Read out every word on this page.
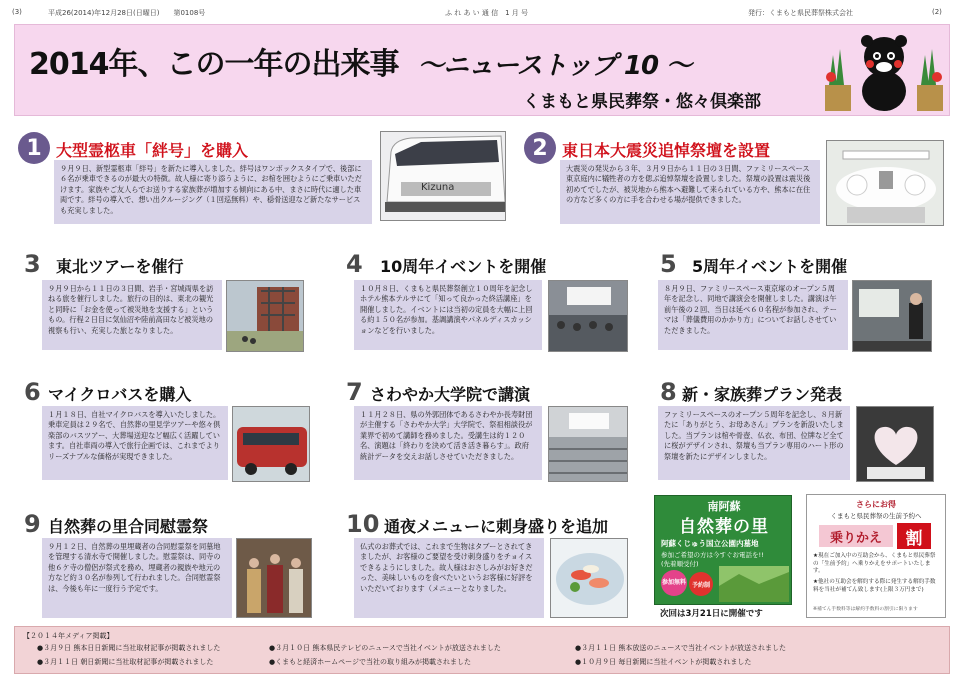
(3)	平成26(2014)年12月28日(日曜日)　　第0108号	ふ れ あ い 通 信　1 月 号	発行：くまもと県民葬祭株式会社	(2)
2014年、この一年の出来事 ～ニューストップ 10 ～
くまもと県民葬祭・悠々倶楽部
1 大型霊柩車「絆号」を購入
９月９日、新型霊柩車「絆号」を新たに導入しました。絆号はワンボックスタイプで、後部に６名が乗車できるのが最大の特徴。故人様に寄り添うように、お棺を囲むようにご乗車いただけます。家族やご友人らでお送りする家族葬が増加する傾向にある中、まさに時代に適した車両です。絆号の導入で、想い出クルージング（１回巡無料）や、穏骨送迎など新たなサービスも充実しました。
Kizuna
2 東日本大震災追悼祭壇を設置
大震災の発災から３年、３月９日から１１日の３日間、ファミリースペース東京庭内に犠牲者の方を偲ぶ追悼祭壇を設置しました。祭壇の設置は震災後初めてでしたが、被災地から熊本へ避難して来られている方や、熊本に在住の方など多くの方に手を合わせる場が提供できました。
3 東北ツアーを催行
９月９日から１１日の３日間、岩手・宮城両県を訪ねる旅を催行しました。旅行の目的は、東北の観光と同時に「お金を使って被災地を支援する」というもの。行程２日目に気仙沼や陸前高田など被災地の視察も行い、充実した旅となりました。
4 10周年イベントを開催
１０月８日、くまもと県民葬祭創立１０周年を記念しホテル熊本テルサにて「知って良かった終活講座」を開催しました。イベントには当初の定員を大幅に上回る約１５０名が参加。基調講演やパネルディスカッションなどを行いました。
5 5周年イベントを開催
８月９日、ファミリースペース東京塚のオープン５周年を記念し、同地で講演会を開催しました。講演は午前午後の２回、当日は延べ６０名程が参加され、テーマは「葬儀費用のかかり方」についてお話しさせていただきました。
6 マイクロバスを購入
１月１８日、自社マイクロバスを導入いたしました。乗車定員は２９名で、自然葬の里見学ツアーや悠々倶楽部のバスツアー、大葬場送迎など幅広く活躍しています。自社車両の導入で旅行企画では、これまでよりリーズナブルな価格が実現できました。
7 さわやか大学院で講演
１１月２８日、県の外郭団体であるさわやか長寿財団が主催する「さわやか大学」大学院で、祭祖相談役が業界で初めて講師を務めました。受講生は約１２０名、演題は「終わりを決めて活き活き暮らす」。政府統計データを交えお話しさせていただきました。
8 新・家族葬プラン発表
ファミリースペースのオープン５周年を記念し、８月新たに「ありがとう、お母あさん」プランを新設いたしました。当プランは棺や骨壺、仏衣、布団、位牌など全てに桜がデザインされ、祭壇も当プラン専用のハート形の祭壇を新たにデザインしました。
9 自然葬の里合同慰霊祭
９月１２日、自然葬の里埋蔵者の合同慰霊祭を同墓地を管理する清水寺で開催しました。慰霊祭は、同寺の他６ケ寺の僧侶が祭式を務め、埋蔵者の親族や地元の方など約３０名が参列して行われました。合同慰霊祭は、今後も年に一度行う予定です。
10 通夜メニューに刺身盛りを追加
仏式のお葬式では、これまで生物はタブーとされてきましたが、お客様のご要望を受け刺身盛りをチョイスできるようにしました。故人様はおさしみがお好きだった、美味しいものを食べたいというお客様に好評をいただいております（メニューとなりました。
南阿蘇
自然葬の里
阿蘇くじゅう国立公園内墓地
参加ご希望の方は今すぐお電話を!!
(先着順受付)
参加無料 予約制
次回は3月21日に開催です
さらにお得
くまもと県民葬祭の生前予約へ
乗りかえ	割
★現在ご加入中の互助会から、くまもと県民葬祭の「生前予約」へ乗りかえをサポートいたします。
★他社の互助会を解約する際に発生する解約手数料を当社が補てん致します(上限３万円まで)
※補てん手数料等は解約手数料の割引に限ります
【２０１４年メディア掲載】
●３月９日 熊本日日新聞に当社取材記事が掲載されました	●３月１０日 熊本県民テレビのニュースで当社イベントが放送されました	●３月１１日 熊本放送のニュースで当社イベントが放送されました
●３月１１日 朝日新聞に当社取材記事が掲載されました	●くまもと経済ホームページで当社の取り組みが掲載されました	●１０月９日 毎日新聞に当社イベントが掲載されました
